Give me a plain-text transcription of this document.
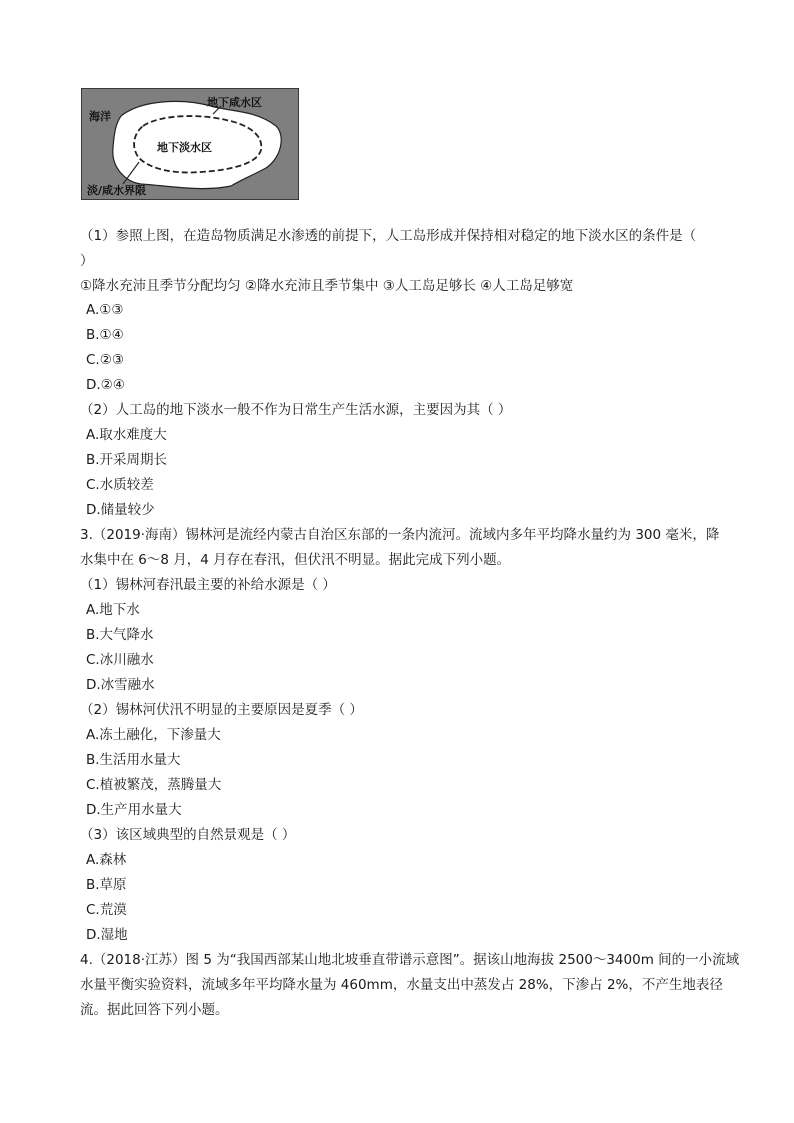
海洋
地下咸水区
地下淡水区
淡/咸水界限
（1）参照上图，在造岛物质满足水渗透的前提下，人工岛形成并保持相对稳定的地下淡水区的条件是（
）
①降水充沛且季节分配均匀 ②降水充沛且季节集中 ③人工岛足够长 ④人工岛足够宽
A.①③
B.①④
C.②③
D.②④
（2）人工岛的地下淡水一般不作为日常生产生活水源，主要因为其（ ）
A.取水难度大
B.开采周期长
C.水质较差
D.储量较少
3.（2019·海南）锡林河是流经内蒙古自治区东部的一条内流河。流域内多年平均降水量约为 300 毫米，降
水集中在 6～8 月，4 月存在春汛，但伏汛不明显。据此完成下列小题。
（1）锡林河春汛最主要的补给水源是（ ）
A.地下水
B.大气降水
C.冰川融水
D.冰雪融水
（2）锡林河伏汛不明显的主要原因是夏季（ ）
A.冻土融化，下渗量大
B.生活用水量大
C.植被繁茂，蒸腾量大
D.生产用水量大
（3）该区域典型的自然景观是（ ）
A.森林
B.草原
C.荒漠
D.湿地
4.（2018·江苏）图 5 为“我国西部某山地北坡垂直带谱示意图”。据该山地海拔 2500～3400m 间的一小流域
水量平衡实验资料，流域多年平均降水量为 460mm，水量支出中蒸发占 28%，下渗占 2%，不产生地表径
流。据此回答下列小题。
